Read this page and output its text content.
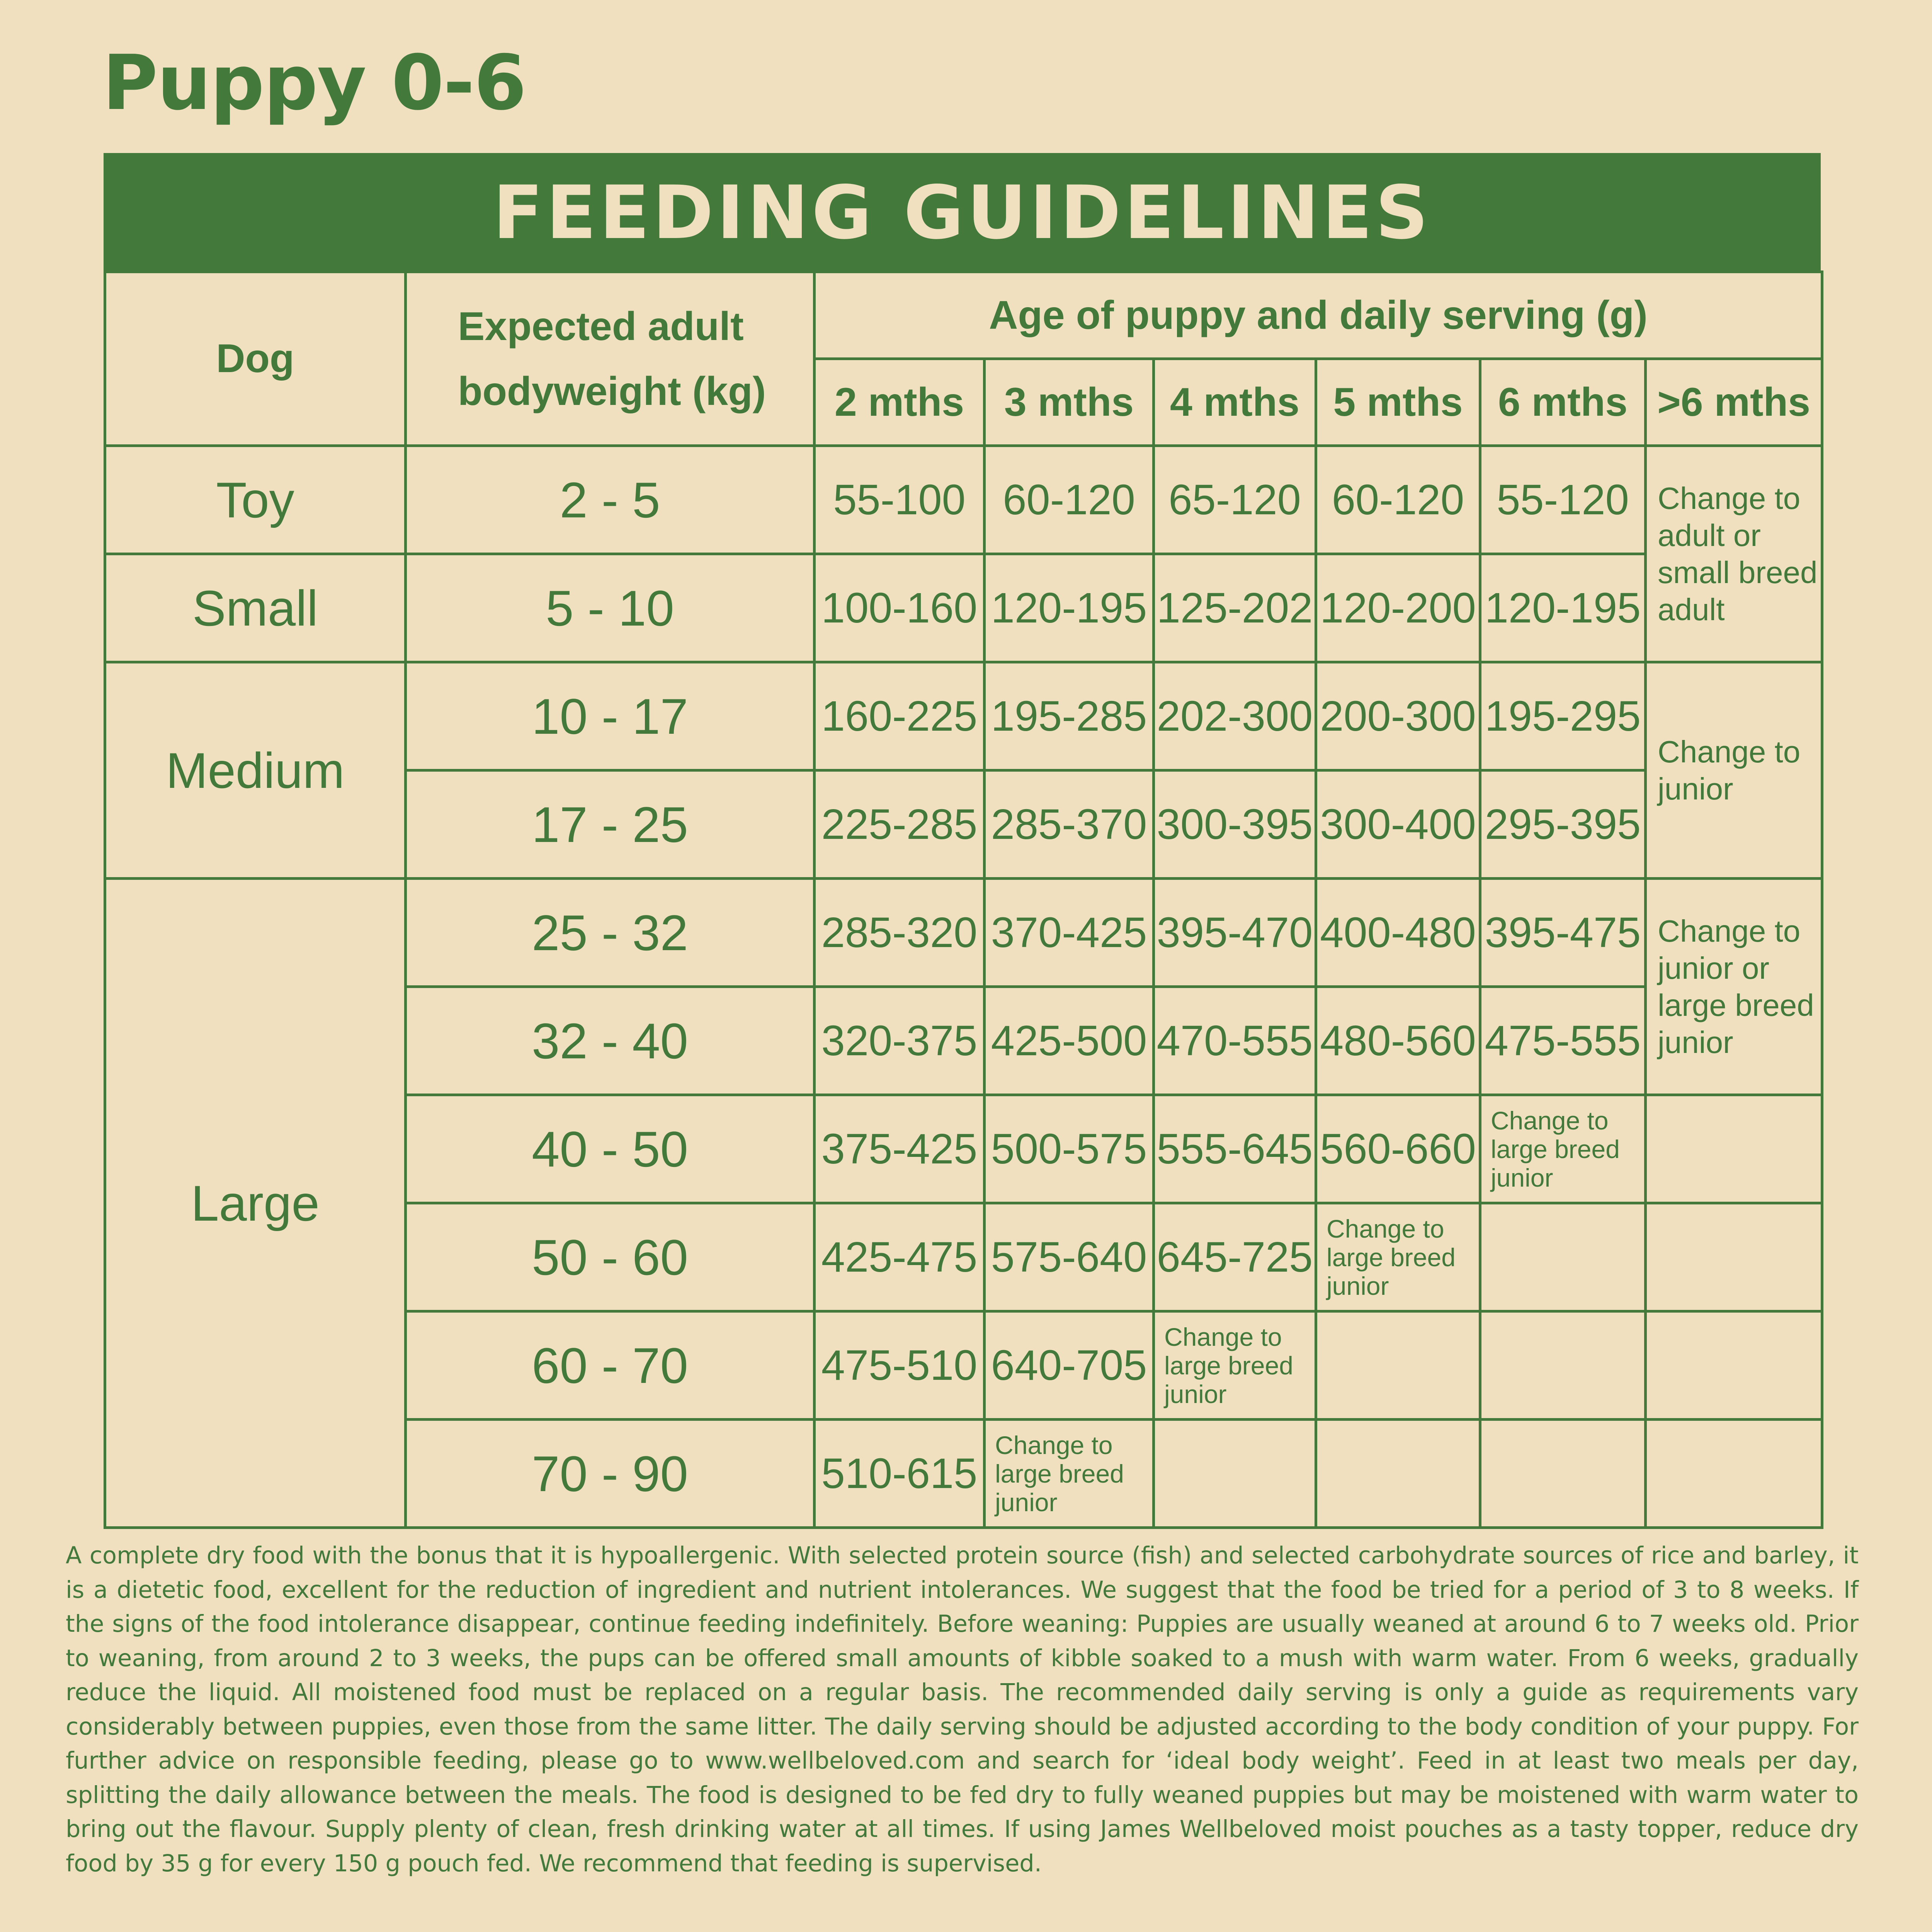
Puppy 0-6
FEEDING GUIDELINES
Dog	Expected adult bodyweight (kg)	Age of puppy and daily serving (g)					
		2 mths	3 mths	4 mths	5 mths	6 mths	>6 mths
Toy	2 - 5	55-100	60-120	65-120	60-120	55-120	Change to adult or small breed adult
Small	5 - 10	100-160	120-195	125-202	120-200	120-195	
Medium	10 - 17	160-225	195-285	202-300	200-300	195-295	Change to junior
	17 - 25	225-285	285-370	300-395	300-400	295-395	
Large	25 - 32	285-320	370-425	395-470	400-480	395-475	Change to junior or large breed junior
	32 - 40	320-375	425-500	470-555	480-560	475-555	
	40 - 50	375-425	500-575	555-645	560-660	Change to large breed junior	
	50 - 60	425-475	575-640	645-725	Change to large breed junior		
	60 - 70	475-510	640-705	Change to large breed junior			
	70 - 90	510-615	Change to large breed junior				

A complete dry food with the bonus that it is hypoallergenic. With selected protein source (fish) and selected carbohydrate sources of rice and barley, it is a dietetic food, excellent for the reduction of ingredient and nutrient intolerances. We suggest that the food be tried for a period of 3 to 8 weeks. If the signs of the food intolerance disappear, continue feeding indefinitely. Before weaning: Puppies are usually weaned at around 6 to 7 weeks old. Prior to weaning, from around 2 to 3 weeks, the pups can be offered small amounts of kibble soaked to a mush with warm water. From 6 weeks, gradually reduce the liquid. All moistened food must be replaced on a regular basis. The recommended daily serving is only a guide as requirements vary considerably between puppies, even those from the same litter. The daily serving should be adjusted according to the body condition of your puppy. For further advice on responsible feeding, please go to www.wellbeloved.com and search for ‘ideal body weight’. Feed in at least two meals per day, splitting the daily allowance between the meals. The food is designed to be fed dry to fully weaned puppies but may be moistened with warm water to bring out the flavour. Supply plenty of clean, fresh drinking water at all times. If using James Wellbeloved moist pouches as a tasty topper, reduce dry food by 35 g for every 150 g pouch fed. We recommend that feeding is supervised.
